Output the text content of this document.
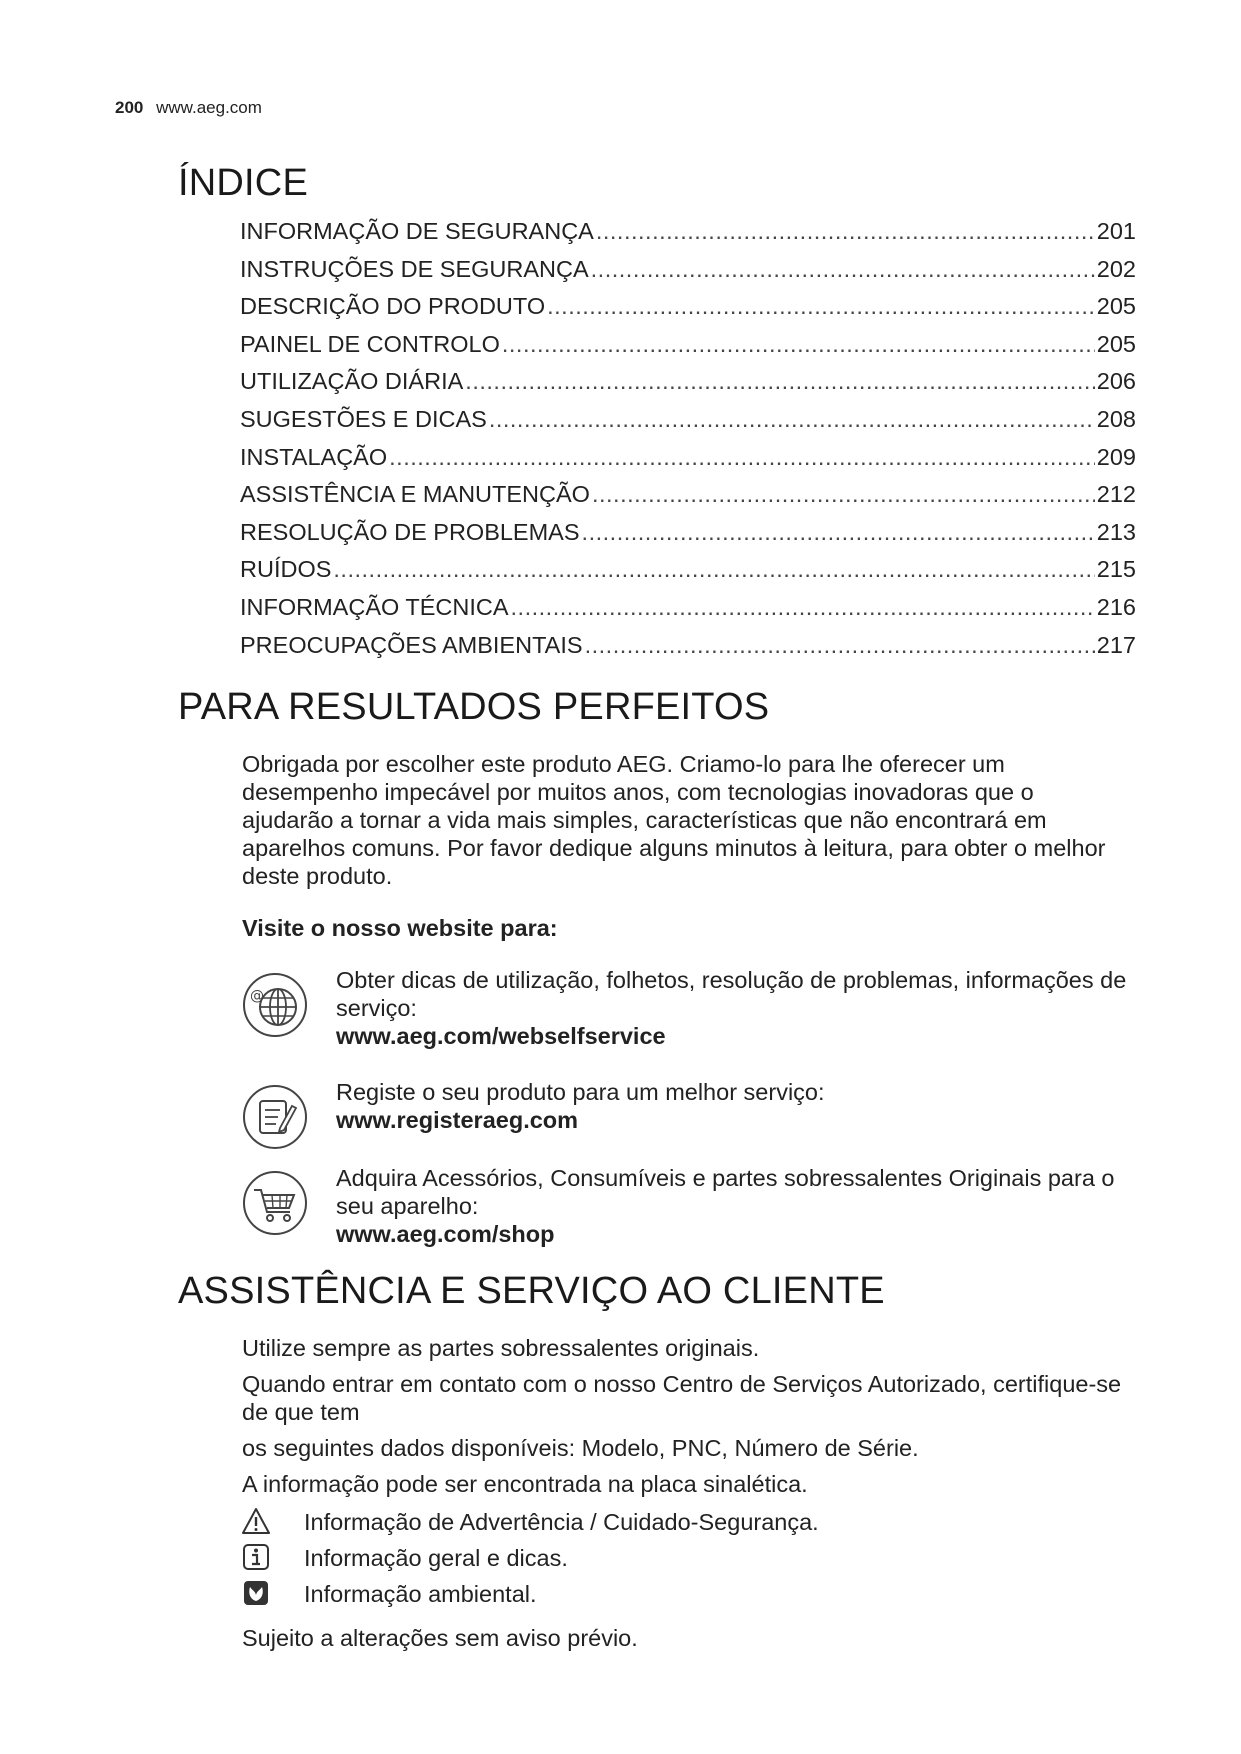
200 www.aeg.com
ÍNDICE
INFORMAÇÃO DE SEGURANÇA .....	201
INSTRUÇÕES DE SEGURANÇA .....	202
DESCRIÇÃO DO PRODUTO .....	205
PAINEL DE CONTROLO .....	205
UTILIZAÇÃO DIÁRIA .....	206
SUGESTÕES E DICAS .....	208
INSTALAÇÃO .....	209
ASSISTÊNCIA E MANUTENÇÃO .....	212
RESOLUÇÃO DE PROBLEMAS .....	213
RUÍDOS .....	215
INFORMAÇÃO TÉCNICA .....	216
PREOCUPAÇÕES AMBIENTAIS .....	217
PARA RESULTADOS PERFEITOS
Obrigada por escolher este produto AEG. Criamo-lo para lhe oferecer um desempenho impecável por muitos anos, com tecnologias inovadoras que o ajudarão a tornar a vida mais simples, características que não encontrará em aparelhos comuns. Por favor dedique alguns minutos à leitura, para obter o melhor deste produto.
Visite o nosso website para:
@
Obter dicas de utilização, folhetos, resolução de problemas, informações de serviço:
www.aeg.com/webselfservice
Registe o seu produto para um melhor serviço:
www.registeraeg.com
Adquira Acessórios, Consumíveis e partes sobressalentes Originais para o seu aparelho:
www.aeg.com/shop
ASSISTÊNCIA E SERVIÇO AO CLIENTE
Utilize sempre as partes sobressalentes originais.
Quando entrar em contato com o nosso Centro de Serviços Autorizado, certifique-se de que tem
os seguintes dados disponíveis: Modelo, PNC, Número de Série.
A informação pode ser encontrada na placa sinalética.
Informação de Advertência / Cuidado-Segurança.
Informação geral e dicas.
Informação ambiental.
Sujeito a alterações sem aviso prévio.
